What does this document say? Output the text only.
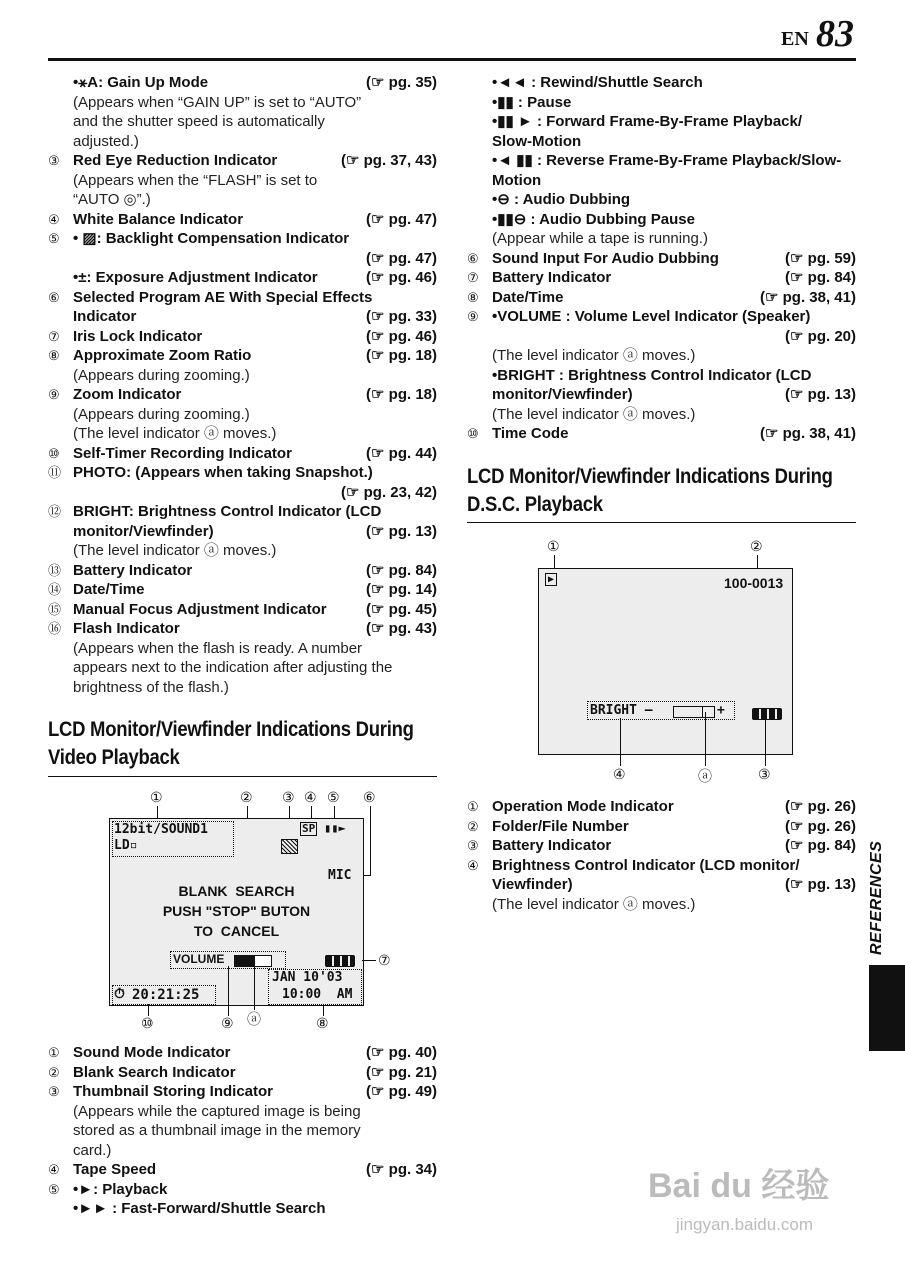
EN 83
•⚹A: Gain Up Mode	(☞ pg. 35)
(Appears when “GAIN UP” is set to “AUTO”
and the shutter speed is automatically
adjusted.)
③ Red Eye Reduction Indicator	(☞ pg. 37, 43)
(Appears when the “FLASH” is set to
“AUTO ◎”.)
④ White Balance Indicator	(☞ pg. 47)
⑤ • ▨: Backlight Compensation Indicator
(☞ pg. 47)
•±: Exposure Adjustment Indicator	(☞ pg. 46)
⑥ Selected Program AE With Special Effects
Indicator	(☞ pg. 33)
⑦ Iris Lock Indicator	(☞ pg. 46)
⑧ Approximate Zoom Ratio	(☞ pg. 18)
(Appears during zooming.)
⑨ Zoom Indicator	(☞ pg. 18)
(Appears during zooming.)
(The level indicator ⓐ moves.)
⑩ Self-Timer Recording Indicator	(☞ pg. 44)
⑪ PHOTO: (Appears when taking Snapshot.)
(☞ pg. 23, 42)
⑫ BRIGHT: Brightness Control Indicator (LCD
monitor/Viewfinder)	(☞ pg. 13)
(The level indicator ⓐ moves.)
⑬ Battery Indicator	(☞ pg. 84)
⑭ Date/Time	(☞ pg. 14)
⑮ Manual Focus Adjustment Indicator	(☞ pg. 45)
⑯ Flash Indicator	(☞ pg. 43)
(Appears when the flash is ready. A number
appears next to the indication after adjusting the
brightness of the flash.)
LCD Monitor/Viewfinder Indications During
Video Playback
①	② ③ ④ ⑤ ⑥
12bit/SOUND1
LD▫
SP ▮▮►
MIC
BLANK  SEARCH
PUSH "STOP" BUTON
TO  CANCEL
VOLUME
JAN 10'03
10:00  AM
⏱ 20:21:25
⑦
⑩	⑨ ⓐ	⑧
① Sound Mode Indicator	(☞ pg. 40)
② Blank Search Indicator	(☞ pg. 21)
③ Thumbnail Storing Indicator	(☞ pg. 49)
(Appears while the captured image is being
stored as a thumbnail image in the memory
card.)
④ Tape Speed	(☞ pg. 34)
⑤ •►: Playback
•►► : Fast-Forward/Shuttle Search
•◄◄ : Rewind/Shuttle Search
•▮▮ : Pause
•▮▮ ► : Forward Frame-By-Frame Playback/
Slow-Motion
•◄ ▮▮ : Reverse Frame-By-Frame Playback/Slow-
Motion
•⊖ : Audio Dubbing
•▮▮⊖ : Audio Dubbing Pause
(Appear while a tape is running.)
⑥ Sound Input For Audio Dubbing	(☞ pg. 59)
⑦ Battery Indicator	(☞ pg. 84)
⑧ Date/Time	(☞ pg. 38, 41)
⑨ •VOLUME : Volume Level Indicator (Speaker)
(☞ pg. 20)
(The level indicator ⓐ moves.)
•BRIGHT : Brightness Control Indicator (LCD
monitor/Viewfinder)	(☞ pg. 13)
(The level indicator ⓐ moves.)
⑩ Time Code	(☞ pg. 38, 41)
LCD Monitor/Viewfinder Indications During
D.S.C. Playback
①	②
▶	100-0013
BRIGHT –	+
④	ⓐ	③
① Operation Mode Indicator	(☞ pg. 26)
② Folder/File Number	(☞ pg. 26)
③ Battery Indicator	(☞ pg. 84)
④ Brightness Control Indicator (LCD monitor/
Viewfinder)	(☞ pg. 13)
(The level indicator ⓐ moves.)	REFERENCES
Bai du 经验
jingyan.baidu.com
